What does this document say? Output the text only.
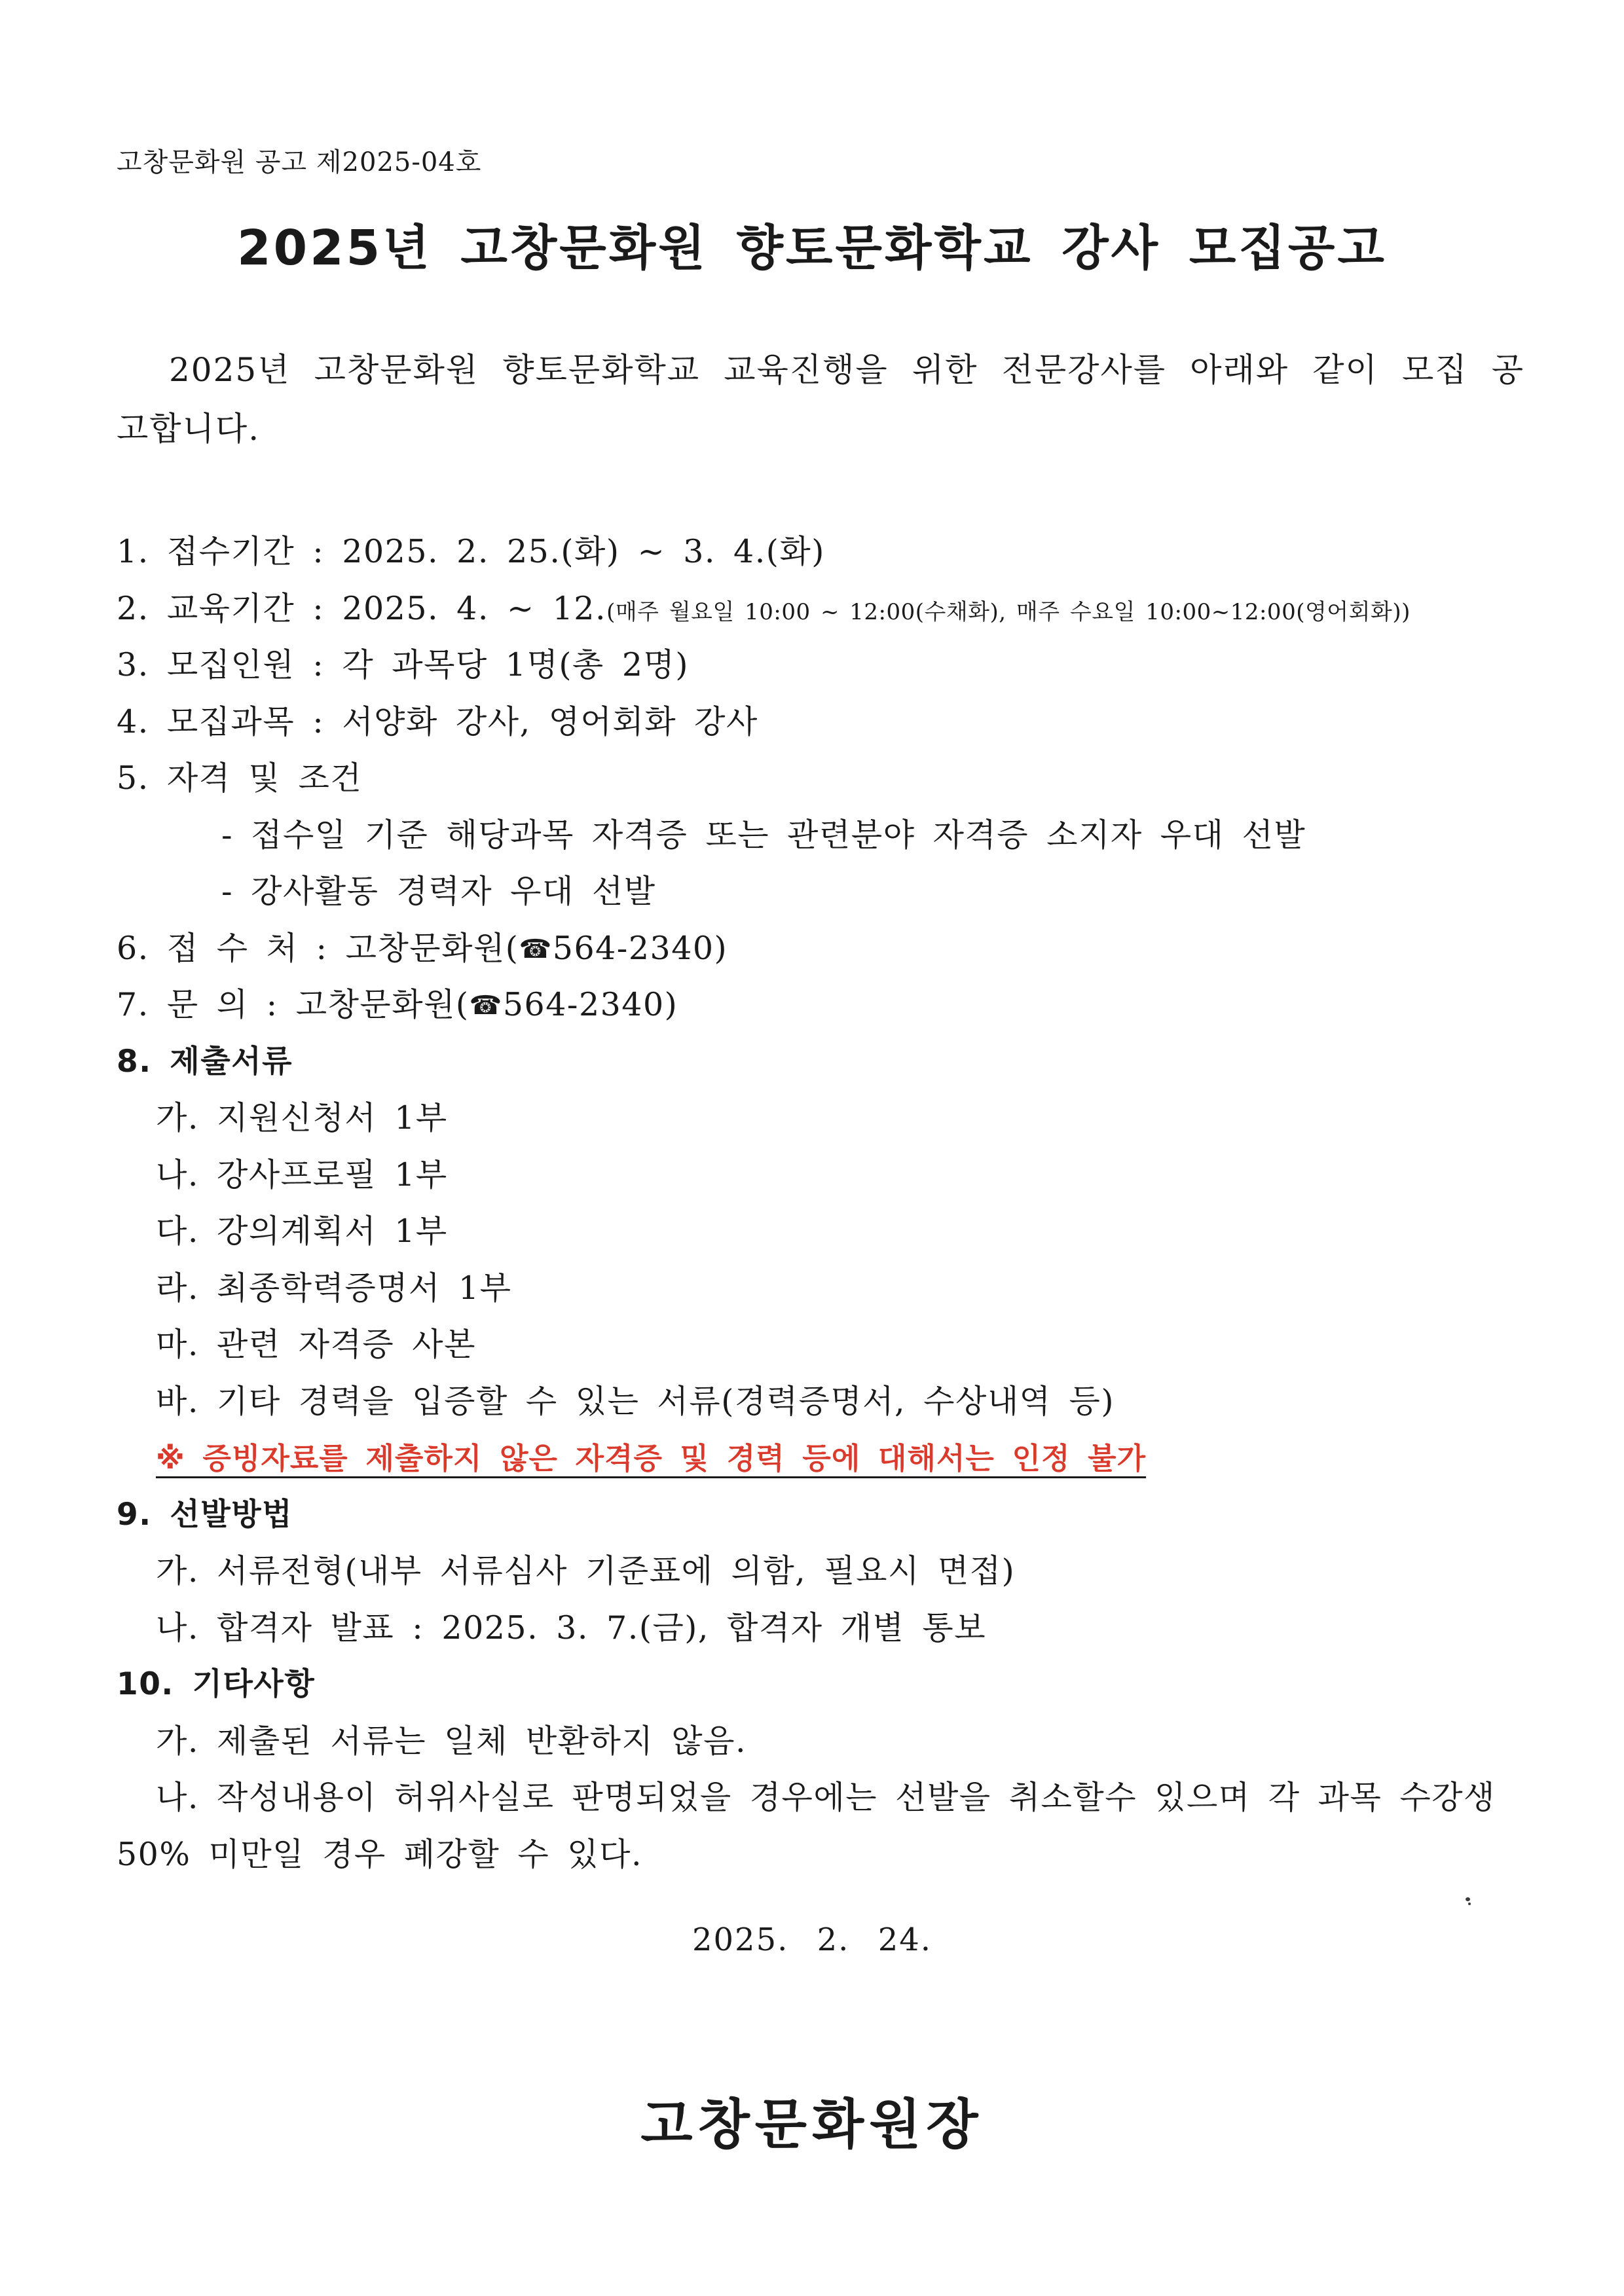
고창문화원 공고 제2025-04호
2025년 고창문화원 향토문화학교 강사 모집공고
2025년 고창문화원 향토문화학교 교육진행을 위한 전문강사를 아래와 같이 모집 공고합니다.
1. 접수기간 : 2025. 2. 25.(화) ~ 3. 4.(화)
2. 교육기간 : 2025. 4. ~ 12.(매주 월요일 10:00 ~ 12:00(수채화), 매주 수요일 10:00~12:00(영어회화))
3. 모집인원 : 각 과목당 1명(총 2명)
4. 모집과목 : 서양화 강사, 영어회화 강사
5. 자격 및 조건
- 접수일 기준 해당과목 자격증 또는 관련분야 자격증 소지자 우대 선발
- 강사활동 경력자 우대 선발
6. 접 수 처 : 고창문화원(☎564-2340)
7. 문 의 : 고창문화원(☎564-2340)
8. 제출서류
가. 지원신청서 1부
나. 강사프로필 1부
다. 강의계획서 1부
라. 최종학력증명서 1부
마. 관련 자격증 사본
바. 기타 경력을 입증할 수 있는 서류(경력증명서, 수상내역 등)
※ 증빙자료를 제출하지 않은 자격증 및 경력 등에 대해서는 인정 불가
9. 선발방법
가. 서류전형(내부 서류심사 기준표에 의함, 필요시 면접)
나. 합격자 발표 : 2025. 3. 7.(금), 합격자 개별 통보
10. 기타사항
가. 제출된 서류는 일체 반환하지 않음.
나. 작성내용이 허위사실로 판명되었을 경우에는 선발을 취소할수 있으며 각 과목 수강생 50% 미만일 경우 폐강할 수 있다.
2025. 2. 24.
고창문화원장
